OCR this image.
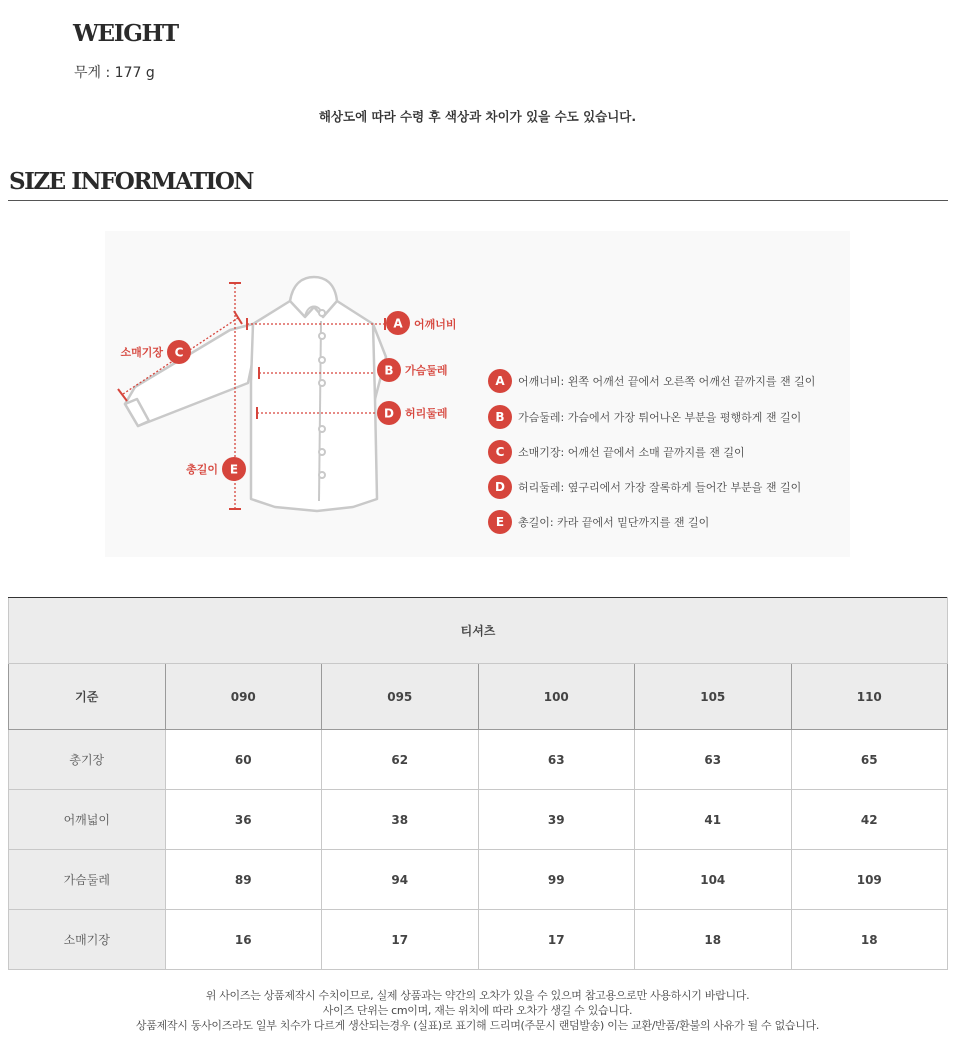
WEIGHT
무게 : 177 g
해상도에 따라 수령 후 색상과 차이가 있을 수도 있습니다.
SIZE INFORMATION
A
B
C
D
E
어깨너비
가슴둘레
소매기장
허리둘레
총길이
A	어깨너비: 왼쪽 어깨선 끝에서 오른쪽 어깨선 끝까지를 잰 길이
B	가슴둘레: 가슴에서 가장 튀어나온 부분을 평행하게 잰 길이
C	소매기장: 어깨선 끝에서 소매 끝까지를 잰 길이
D	허리둘레: 옆구리에서 가장 잘록하게 들어간 부분을 잰 길이
E	총길이: 카라 끝에서 밑단까지를 잰 길이
티셔츠					
기준	090	095	100	105	110
총기장	60	62	63	63	65
어깨넓이	36	38	39	41	42
가슴둘레	89	94	99	104	109
소매기장	16	17	17	18	18
위 사이즈는 상품제작시 수치이므로, 실제 상품과는 약간의 오차가 있을 수 있으며 참고용으로만 사용하시기 바랍니다.
사이즈 단위는 cm이며, 재는 위치에 따라 오차가 생길 수 있습니다.
상품제작시 동사이즈라도 일부 치수가 다르게 생산되는경우 (실표)로 표기해 드리며(주문시 랜덤발송) 이는 교환/반품/환불의 사유가 될 수 없습니다.
